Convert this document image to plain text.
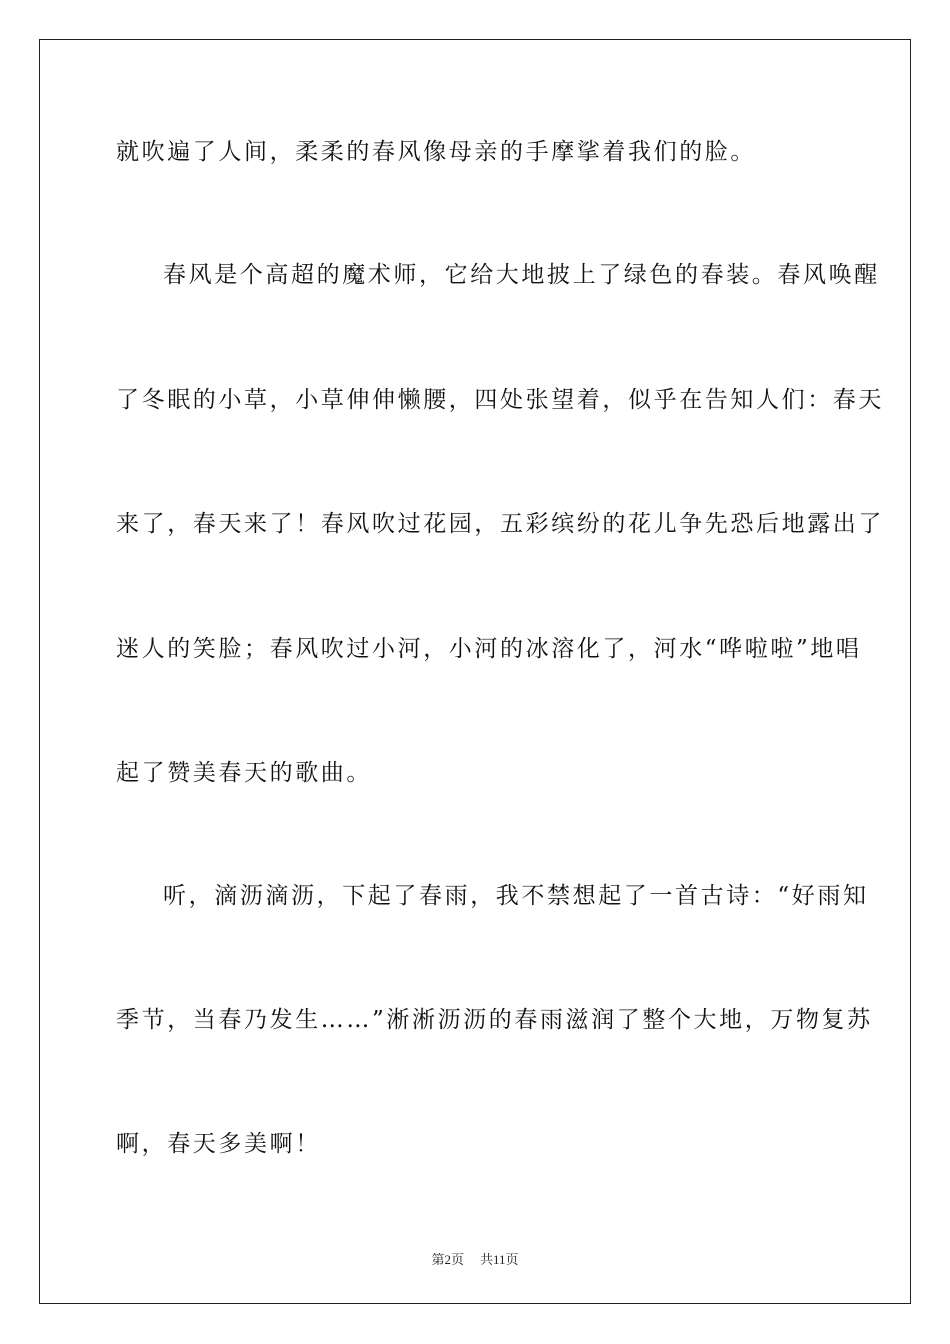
就吹遍了人间，柔柔的春风像母亲的手摩挲着我们的脸。
春风是个高超的魔术师，它给大地披上了绿色的春装。春风唤醒
了冬眠的小草，小草伸伸懒腰，四处张望着，似乎在告知人们：春天
来了，春天来了！春风吹过花园，五彩缤纷的花儿争先恐后地露出了
迷人的笑脸；春风吹过小河，小河的冰溶化了，河水“哗啦啦”地唱
起了赞美春天的歌曲。
听，滴沥滴沥，下起了春雨，我不禁想起了一首古诗：“好雨知
季节，当春乃发生……”淅淅沥沥的春雨滋润了整个大地，万物复苏
啊，春天多美啊！
第2页 共11页
